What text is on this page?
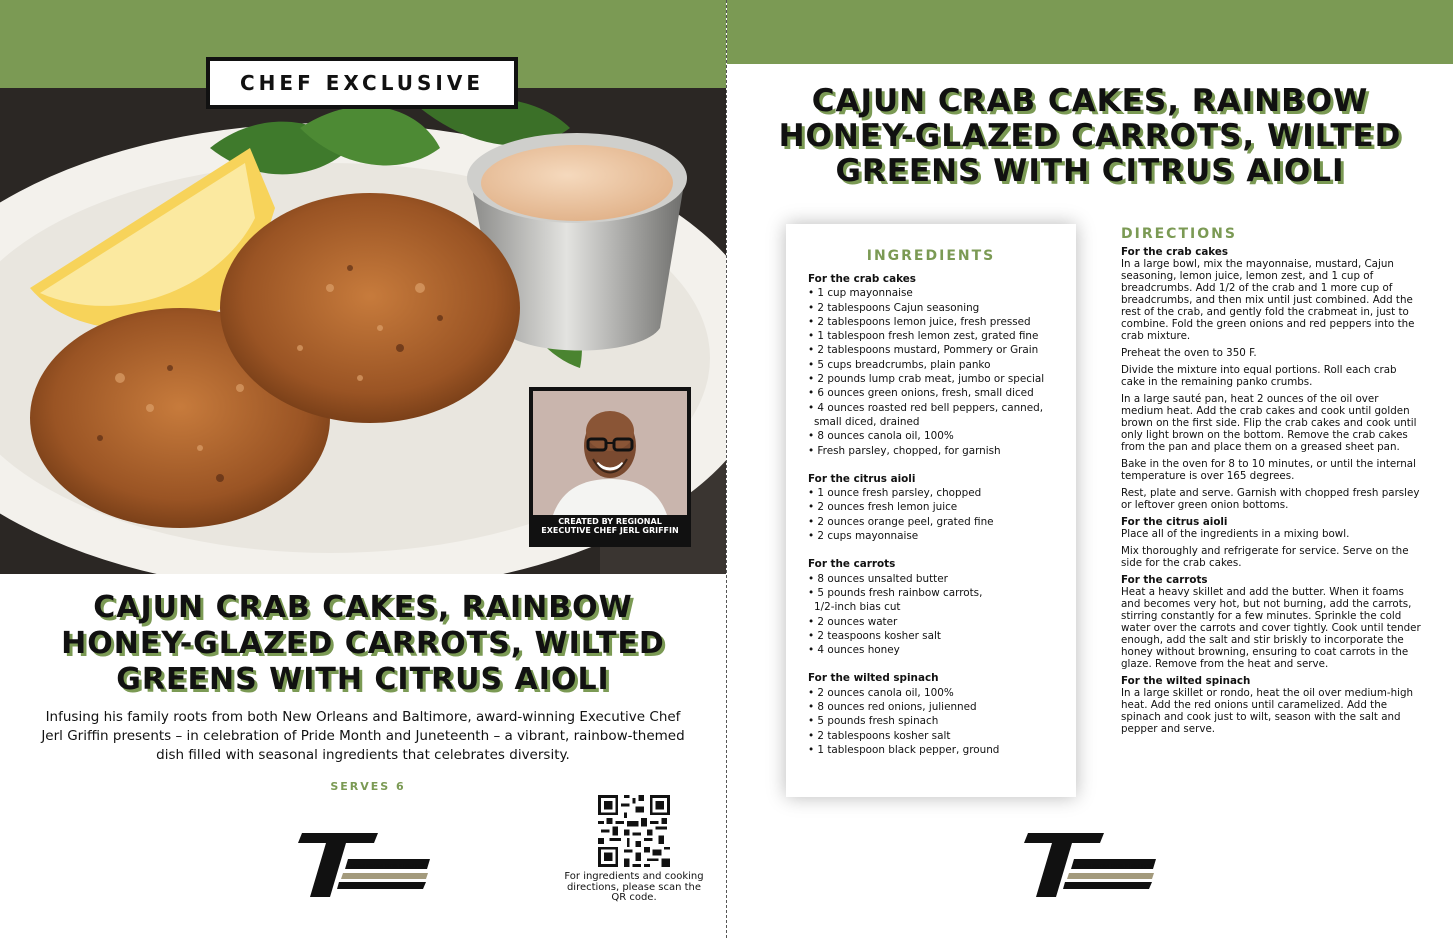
CHEF EXCLUSIVE
CREATED BY REGIONAL
EXECUTIVE CHEF JERL GRIFFIN
CAJUN CRAB CAKES, RAINBOW
HONEY-GLAZED CARROTS, WILTED
GREENS WITH CITRUS AIOLI
Infusing his family roots from both New Orleans and Baltimore, award-winning Executive Chef Jerl Griffin presents – in celebration of Pride Month and Juneteenth – a vibrant, rainbow-themed dish filled with seasonal ingredients that celebrates diversity.
SERVES 6
THOMPSON HOSPITALITY
For ingredients and cooking directions, please scan the QR code.
CAJUN CRAB CAKES, RAINBOW
HONEY-GLAZED CARROTS, WILTED
GREENS WITH CITRUS AIOLI
INGREDIENTS
For the crab cakes
• 1 cup mayonnaise
• 2 tablespoons Cajun seasoning
• 2 tablespoons lemon juice, fresh pressed
• 1 tablespoon fresh lemon zest, grated fine
• 2 tablespoons mustard, Pommery or Grain
• 5 cups breadcrumbs, plain panko
• 2 pounds lump crab meat, jumbo or special
• 6 ounces green onions, fresh, small diced
• 4 ounces roasted red bell peppers, canned,
small diced, drained
• 8 ounces canola oil, 100%
• Fresh parsley, chopped, for garnish
For the citrus aioli
• 1 ounce fresh parsley, chopped
• 2 ounces fresh lemon juice
• 2 ounces orange peel, grated fine
• 2 cups mayonnaise
For the carrots
• 8 ounces unsalted butter
• 5 pounds fresh rainbow carrots,
1/2-inch bias cut
• 2 ounces water
• 2 teaspoons kosher salt
• 4 ounces honey
For the wilted spinach
• 2 ounces canola oil, 100%
• 8 ounces red onions, julienned
• 5 pounds fresh spinach
• 2 tablespoons kosher salt
• 1 tablespoon black pepper, ground
DIRECTIONS
For the crab cakes

In a large bowl, mix the mayonnaise, mustard, Cajun seasoning, lemon juice, lemon zest, and 1 cup of breadcrumbs. Add 1/2 of the crab and 1 more cup of breadcrumbs, and then mix until just combined. Add the rest of the crab, and gently fold the crabmeat in, just to combine. Fold the green onions and red peppers into the crab mixture.

Preheat the oven to 350 F.

Divide the mixture into equal portions. Roll each crab cake in the remaining panko crumbs.

In a large sauté pan, heat 2 ounces of the oil over medium heat. Add the crab cakes and cook until golden brown on the first side. Flip the crab cakes and cook until only light brown on the bottom. Remove the crab cakes from the pan and place them on a greased sheet pan.

Bake in the oven for 8 to 10 minutes, or until the internal temperature is over 165 degrees.

Rest, plate and serve. Garnish with chopped fresh parsley or leftover green onion bottoms.

For the citrus aioli

Place all of the ingredients in a mixing bowl.

Mix thoroughly and refrigerate for service. Serve on the side for the crab cakes.

For the carrots

Heat a heavy skillet and add the butter. When it foams and becomes very hot, but not burning, add the carrots, stirring constantly for a few minutes. Sprinkle the cold water over the carrots and cover tightly. Cook until tender enough, add the salt and stir briskly to incorporate the honey without browning, ensuring to coat carrots in the glaze. Remove from the heat and serve.

For the wilted spinach

In a large skillet or rondo, heat the oil over medium-high heat. Add the red onions until caramelized. Add the spinach and cook just to wilt, season with the salt and pepper and serve.

THOMPSON HOSPITALITY
